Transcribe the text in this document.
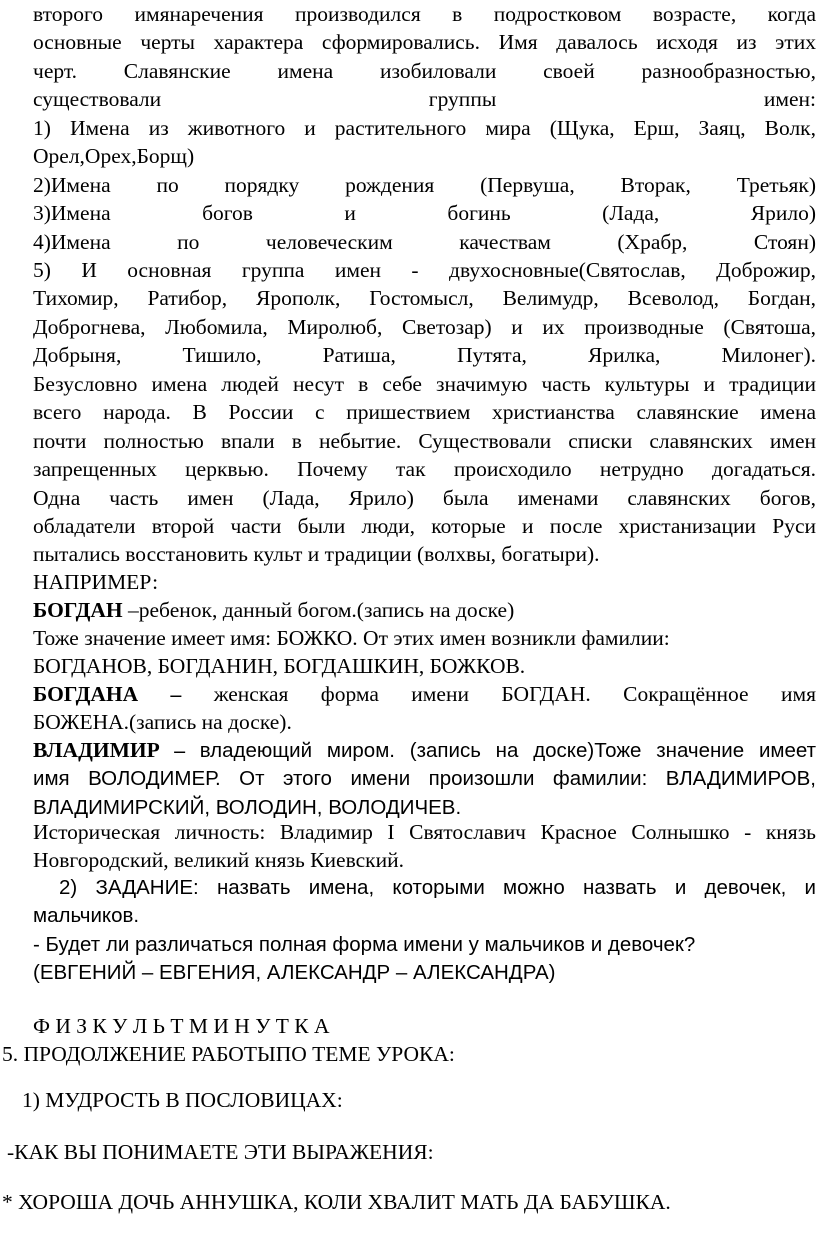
второго имянаречения производился в подростковом возрасте, когда
основные черты характера сформировались. Имя давалось исходя из этих
черт. Славянские имена изобиловали своей разнообразностью,
существовали группы имен:
1) Имена из животного и растительного мира (Щука, Ерш, Заяц, Волк,
Орел,Орех,Борщ)
2)Имена по порядку рождения (Первуша, Вторак, Третьяк)
3)Имена богов и богинь (Лада, Ярило)
4)Имена по человеческим качествам (Храбр, Стоян)
5) И основная группа имен - двухосновные(Святослав, Доброжир,
Тихомир, Ратибор, Ярополк, Гостомысл, Велимудр, Всеволод, Богдан,
Доброгнева, Любомила, Миролюб, Светозар) и их производные (Святоша,
Добрыня, Тишило, Ратиша, Путята, Ярилка, Милонег).
Безусловно имена людей несут в себе значимую часть культуры и традиции
всего народа. В России с пришествием христианства славянские имена
почти полностью впали в небытие. Существовали списки славянских имен
запрещенных церквью. Почему так происходило нетрудно догадаться.
Одна часть имен (Лада, Ярило) была именами славянских богов,
обладатели второй части были люди, которые и после христанизации Руси
пытались восстановить культ и традиции (волхвы, богатыри).
НАПРИМЕР:
БОГДАН –ребенок, данный богом.(запись на доске)
Тоже значение имеет имя: БОЖКО. От этих имен возникли фамилии:
БОГДАНОВ, БОГДАНИН, БОГДАШКИН, БОЖКОВ.
БОГДАНА – женская форма имени БОГДАН. Сокращённое имя
БОЖЕНА.(запись на доске).
ВЛАДИМИР – владеющий миром. (запись на доске)Тоже значение имеет
имя ВОЛОДИМЕР. От этого имени произошли фамилии: ВЛАДИМИРОВ,
ВЛАДИМИРСКИЙ, ВОЛОДИН, ВОЛОДИЧЕВ.
Историческая личность: Владимир I Святославич Красное Солнышко - князь
Новгородский, великий князь Киевский.
2) ЗАДАНИЕ: назвать имена, которыми можно назвать и девочек, и
мальчиков.
- Будет ли различаться полная форма имени у мальчиков и девочек?
(ЕВГЕНИЙ – ЕВГЕНИЯ, АЛЕКСАНДР – АЛЕКСАНДРА)
Ф И З К У Л Ь Т М И Н У Т К А
5. ПРОДОЛЖЕНИЕ РАБОТЫПО ТЕМЕ УРОКА:
1) МУДРОСТЬ В ПОСЛОВИЦАХ:
-КАК ВЫ ПОНИМАЕТЕ ЭТИ ВЫРАЖЕНИЯ:
* ХОРОША ДОЧЬ АННУШКА, КОЛИ ХВАЛИТ МАТЬ ДА БАБУШКА.
